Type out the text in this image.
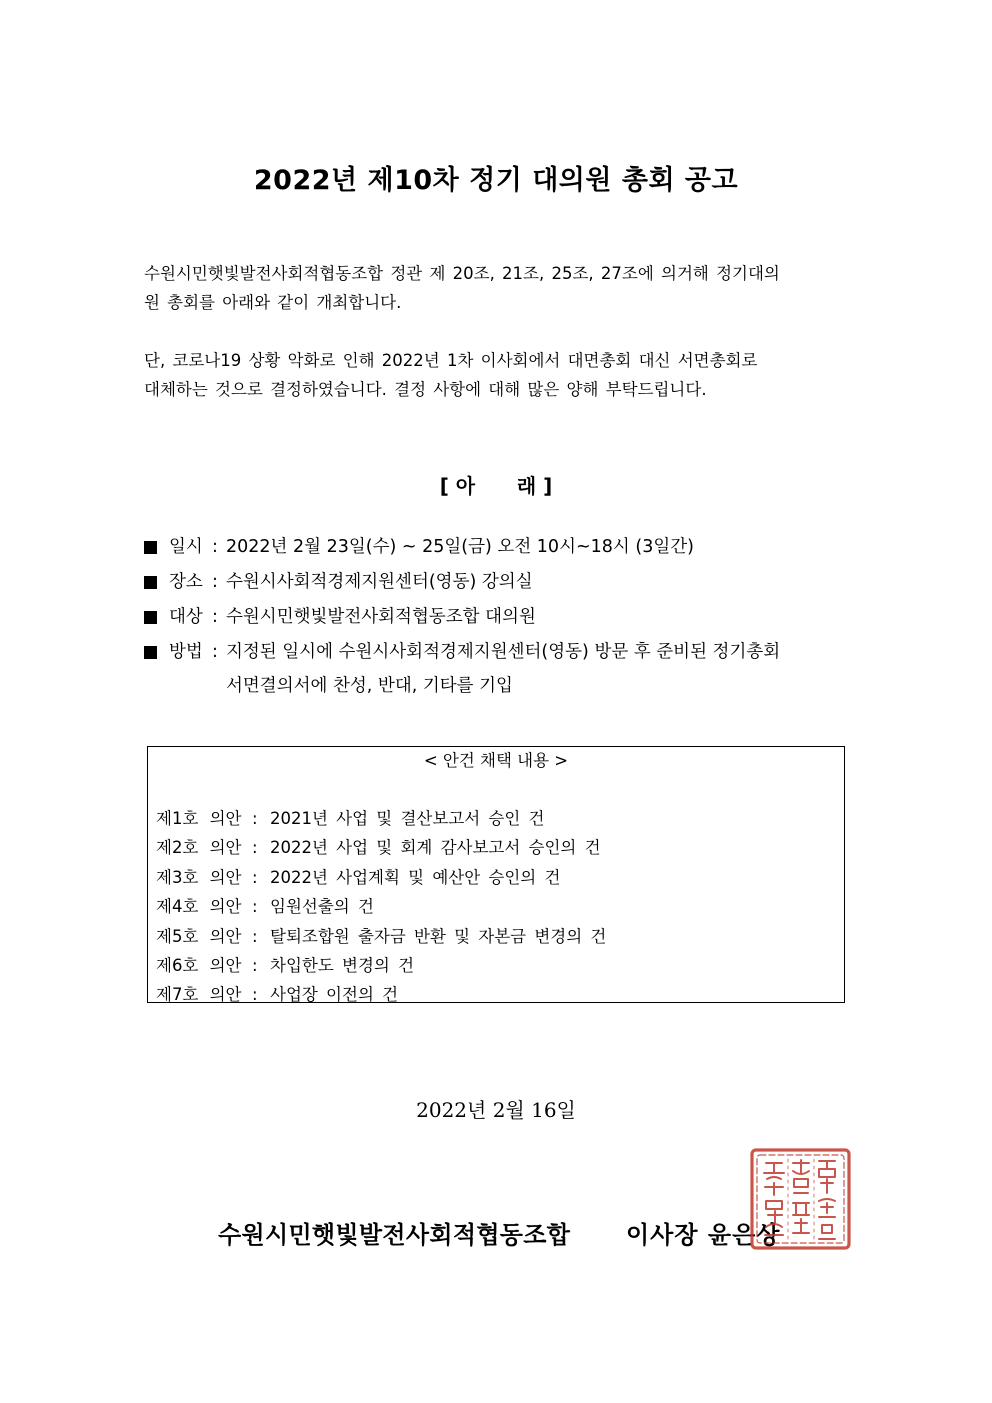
2022년 제10차 정기 대의원 총회 공고
수원시민햇빛발전사회적협동조합 정관 제 20조, 21조, 25조, 27조에 의거해 정기대의
원 총회를 아래와 같이 개최합니다.
단, 코로나19 상황 악화로 인해 2022년 1차 이사회에서 대면총회 대신 서면총회로
대체하는 것으로 결정하였습니다. 결정 사항에 대해 많은 양해 부탁드립니다.
[ 아      래 ]
일시 : 2022년 2월 23일(수) ~ 25일(금) 오전 10시~18시 (3일간)
장소 : 수원시사회적경제지원센터(영동) 강의실
대상 : 수원시민햇빛발전사회적협동조합 대의원
방법 : 지정된 일시에 수원시사회적경제지원센터(영동) 방문 후 준비된 정기총회
서면결의서에 찬성, 반대, 기타를 기입
< 안건 채택 내용 >
제1호 의안 : 2021년 사업 및 결산보고서 승인 건
제2호 의안 : 2022년 사업 및 회계 감사보고서 승인의 건
제3호 의안 : 2022년 사업계획 및 예산안 승인의 건
제4호 의안 : 임원선출의 건
제5호 의안 : 탈퇴조합원 출자금 반환 및 자본금 변경의 건
제6호 의안 : 차입한도 변경의 건
제7호 의안 : 사업장 이전의 건
2022년 2월 16일
수원시민햇빛발전사회적협동조합 이사장 윤은상
